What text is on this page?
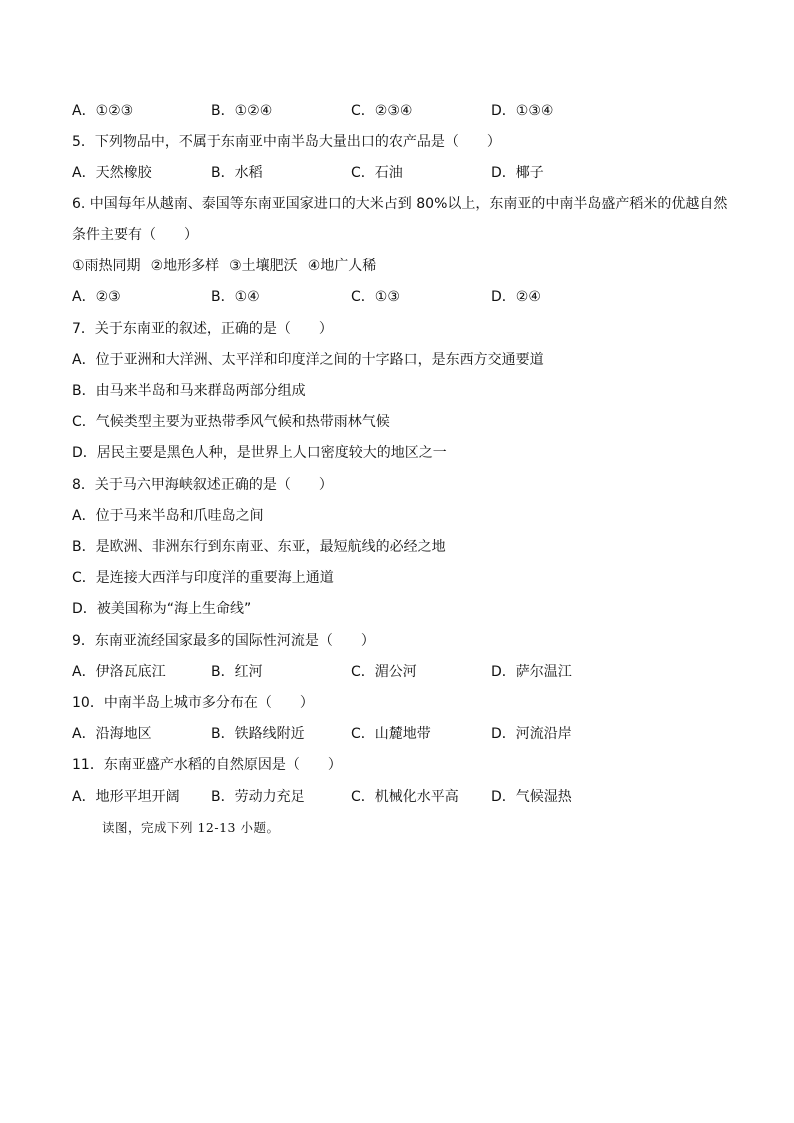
A．①②③	B．①②④	C．②③④	D．①③④
5．下列物品中，不属于东南亚中南半岛大量出口的农产品是（　　）
A．天然橡胶	B．水稻	C．石油	D．椰子
6. 中国每年从越南、泰国等东南亚国家进口的大米占到 80%以上，东南亚的中南半岛盛产稻米的优越自然
条件主要有（　　）
①雨热同期 ②地形多样 ③土壤肥沃 ④地广人稀
A．②③	B．①④	C．①③	D．②④
7．关于东南亚的叙述，正确的是（　　）
A．位于亚洲和大洋洲、太平洋和印度洋之间的十字路口，是东西方交通要道
B．由马来半岛和马来群岛两部分组成
C．气候类型主要为亚热带季风气候和热带雨林气候
D．居民主要是黑色人种，是世界上人口密度较大的地区之一
8．关于马六甲海峡叙述正确的是（　　）
A．位于马来半岛和爪哇岛之间
B．是欧洲、非洲东行到东南亚、东亚，最短航线的必经之地
C．是连接大西洋与印度洋的重要海上通道
D．被美国称为“海上生命线”
9．东南亚流经国家最多的国际性河流是（　　）
A．伊洛瓦底江	B．红河	C．湄公河	D．萨尔温江
10．中南半岛上城市多分布在（　　）
A．沿海地区	B．铁路线附近	C．山麓地带	D．河流沿岸
11．东南亚盛产水稻的自然原因是（　　）
A．地形平坦开阔 B．劳动力充足	C．机械化水平高 D．气候湿热
读图，完成下列 12-13 小题。
